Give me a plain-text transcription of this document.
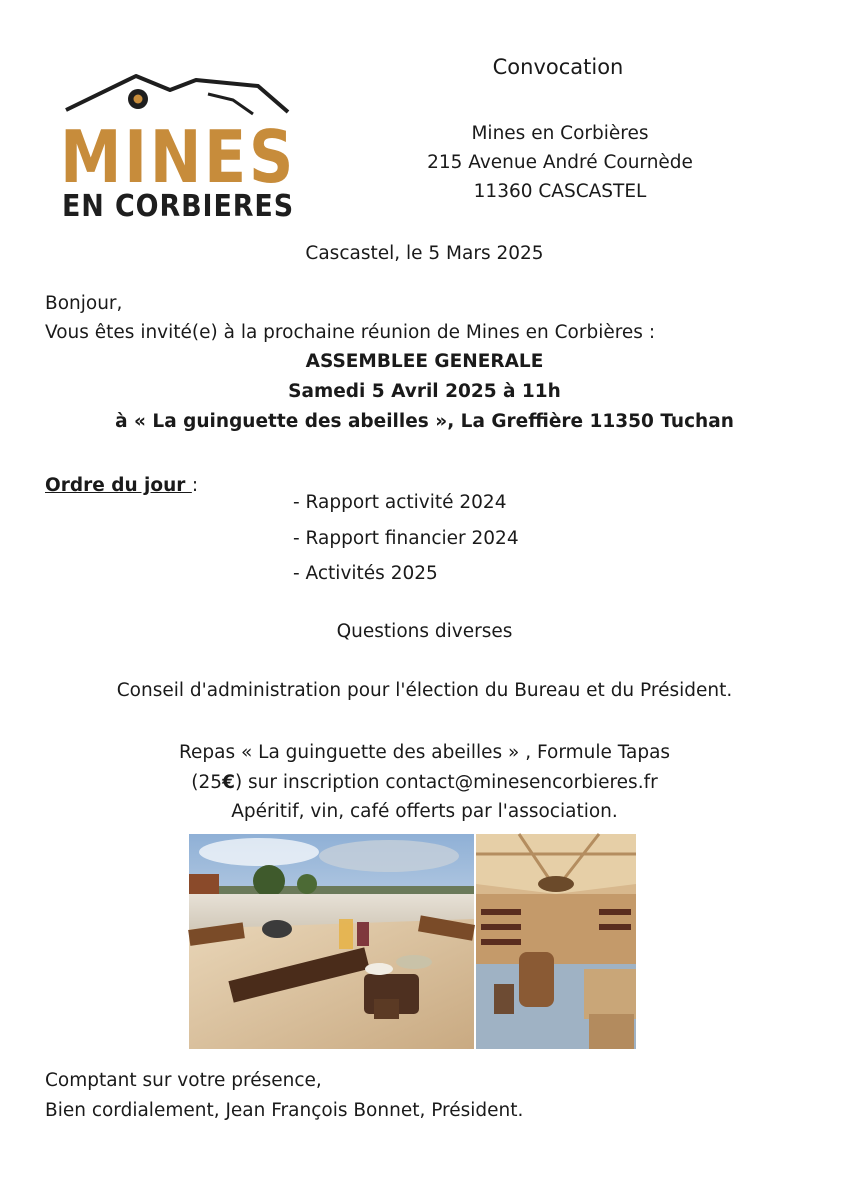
MINES
EN CORBIERES
Convocation
Mines en Corbières
215 Avenue André Cournède
11360 CASCASTEL
Cascastel, le 5 Mars 2025
Bonjour,
Vous êtes invité(e) à la prochaine réunion de Mines en Corbières :
ASSEMBLEE GENERALE
Samedi 5 Avril 2025 à 11h
à « La guinguette des abeilles », La Greffière 11350 Tuchan
Ordre du jour :
- Rapport activité 2024
- Rapport financier 2024
- Activités 2025
Questions diverses
Conseil d'administration pour l'élection du Bureau et du Président.
Repas « La guinguette des abeilles » , Formule Tapas
(25€) sur inscription contact@minesencorbieres.fr
Apéritif, vin, café offerts par l'association.
Comptant sur votre présence,
Bien cordialement, Jean François Bonnet, Président.
